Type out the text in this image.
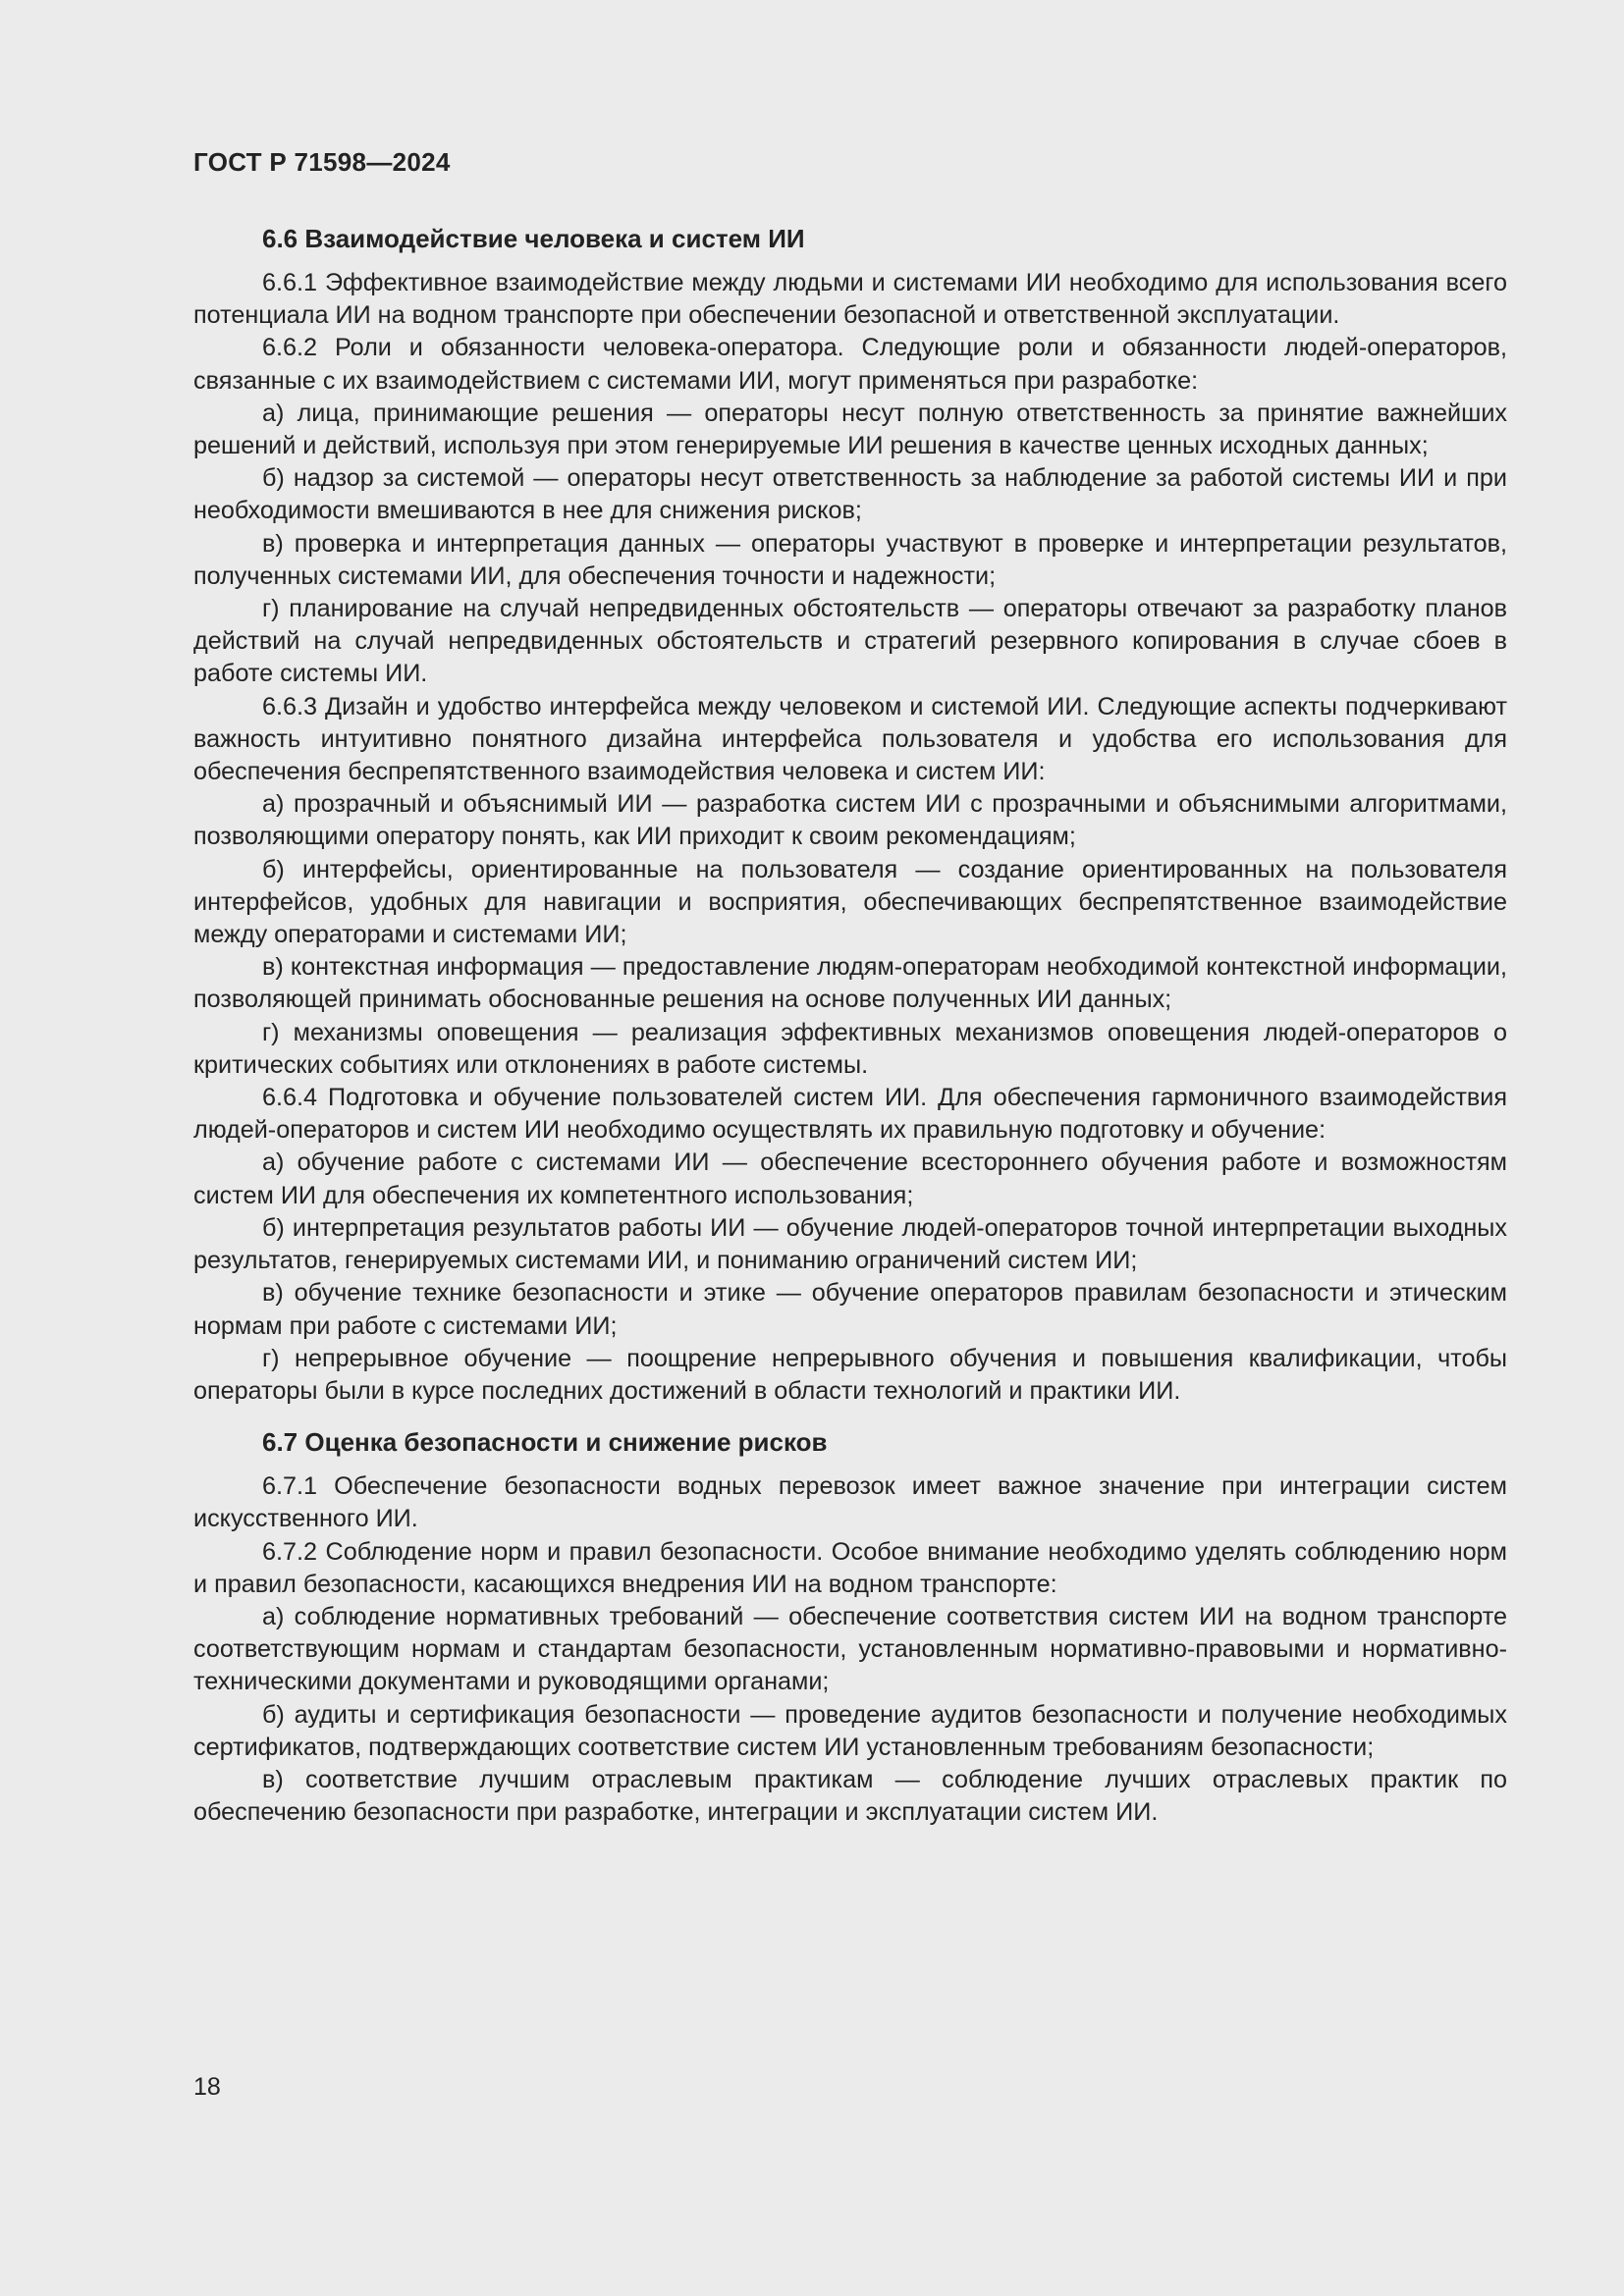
ГОСТ Р 71598—2024
6.6 Взаимодействие человека и систем ИИ

6.6.1 Эффективное взаимодействие между людьми и системами ИИ необходимо для использования всего потенциала ИИ на водном транспорте при обеспечении безопасной и ответственной эксплуатации.

6.6.2 Роли и обязанности человека-оператора. Следующие роли и обязанности людей-операторов, связанные с их взаимодействием с системами ИИ, могут применяться при разработке:

а) лица, принимающие решения — операторы несут полную ответственность за принятие важнейших решений и действий, используя при этом генерируемые ИИ решения в качестве ценных исходных данных;

б) надзор за системой — операторы несут ответственность за наблюдение за работой системы ИИ и при необходимости вмешиваются в нее для снижения рисков;

в) проверка и интерпретация данных — операторы участвуют в проверке и интерпретации результатов, полученных системами ИИ, для обеспечения точности и надежности;

г) планирование на случай непредвиденных обстоятельств — операторы отвечают за разработку планов действий на случай непредвиденных обстоятельств и стратегий резервного копирования в случае сбоев в работе системы ИИ.

6.6.3 Дизайн и удобство интерфейса между человеком и системой ИИ. Следующие аспекты подчеркивают важность интуитивно понятного дизайна интерфейса пользователя и удобства его использования для обеспечения беспрепятственного взаимодействия человека и систем ИИ:

а) прозрачный и объяснимый ИИ — разработка систем ИИ с прозрачными и объяснимыми алгоритмами, позволяющими оператору понять, как ИИ приходит к своим рекомендациям;

б) интерфейсы, ориентированные на пользователя — создание ориентированных на пользователя интерфейсов, удобных для навигации и восприятия, обеспечивающих беспрепятственное взаимодействие между операторами и системами ИИ;

в) контекстная информация — предоставление людям-операторам необходимой контекстной информации, позволяющей принимать обоснованные решения на основе полученных ИИ данных;

г) механизмы оповещения — реализация эффективных механизмов оповещения людей-операторов о критических событиях или отклонениях в работе системы.

6.6.4 Подготовка и обучение пользователей систем ИИ. Для обеспечения гармоничного взаимодействия людей-операторов и систем ИИ необходимо осуществлять их правильную подготовку и обучение:

а) обучение работе с системами ИИ — обеспечение всестороннего обучения работе и возможностям систем ИИ для обеспечения их компетентного использования;

б) интерпретация результатов работы ИИ — обучение людей-операторов точной интерпретации выходных результатов, генерируемых системами ИИ, и пониманию ограничений систем ИИ;

в) обучение технике безопасности и этике — обучение операторов правилам безопасности и этическим нормам при работе с системами ИИ;

г) непрерывное обучение — поощрение непрерывного обучения и повышения квалификации, чтобы операторы были в курсе последних достижений в области технологий и практики ИИ.

6.7 Оценка безопасности и снижение рисков

6.7.1 Обеспечение безопасности водных перевозок имеет важное значение при интеграции систем искусственного ИИ.

6.7.2 Соблюдение норм и правил безопасности. Особое внимание необходимо уделять соблюдению норм и правил безопасности, касающихся внедрения ИИ на водном транспорте:

а) соблюдение нормативных требований — обеспечение соответствия систем ИИ на водном транспорте соответствующим нормам и стандартам безопасности, установленным нормативно-правовыми и нормативно-техническими документами и руководящими органами;

б) аудиты и сертификация безопасности — проведение аудитов безопасности и получение необходимых сертификатов, подтверждающих соответствие систем ИИ установленным требованиям безопасности;

в) соответствие лучшим отраслевым практикам — соблюдение лучших отраслевых практик по обеспечению безопасности при разработке, интеграции и эксплуатации систем ИИ.

18
